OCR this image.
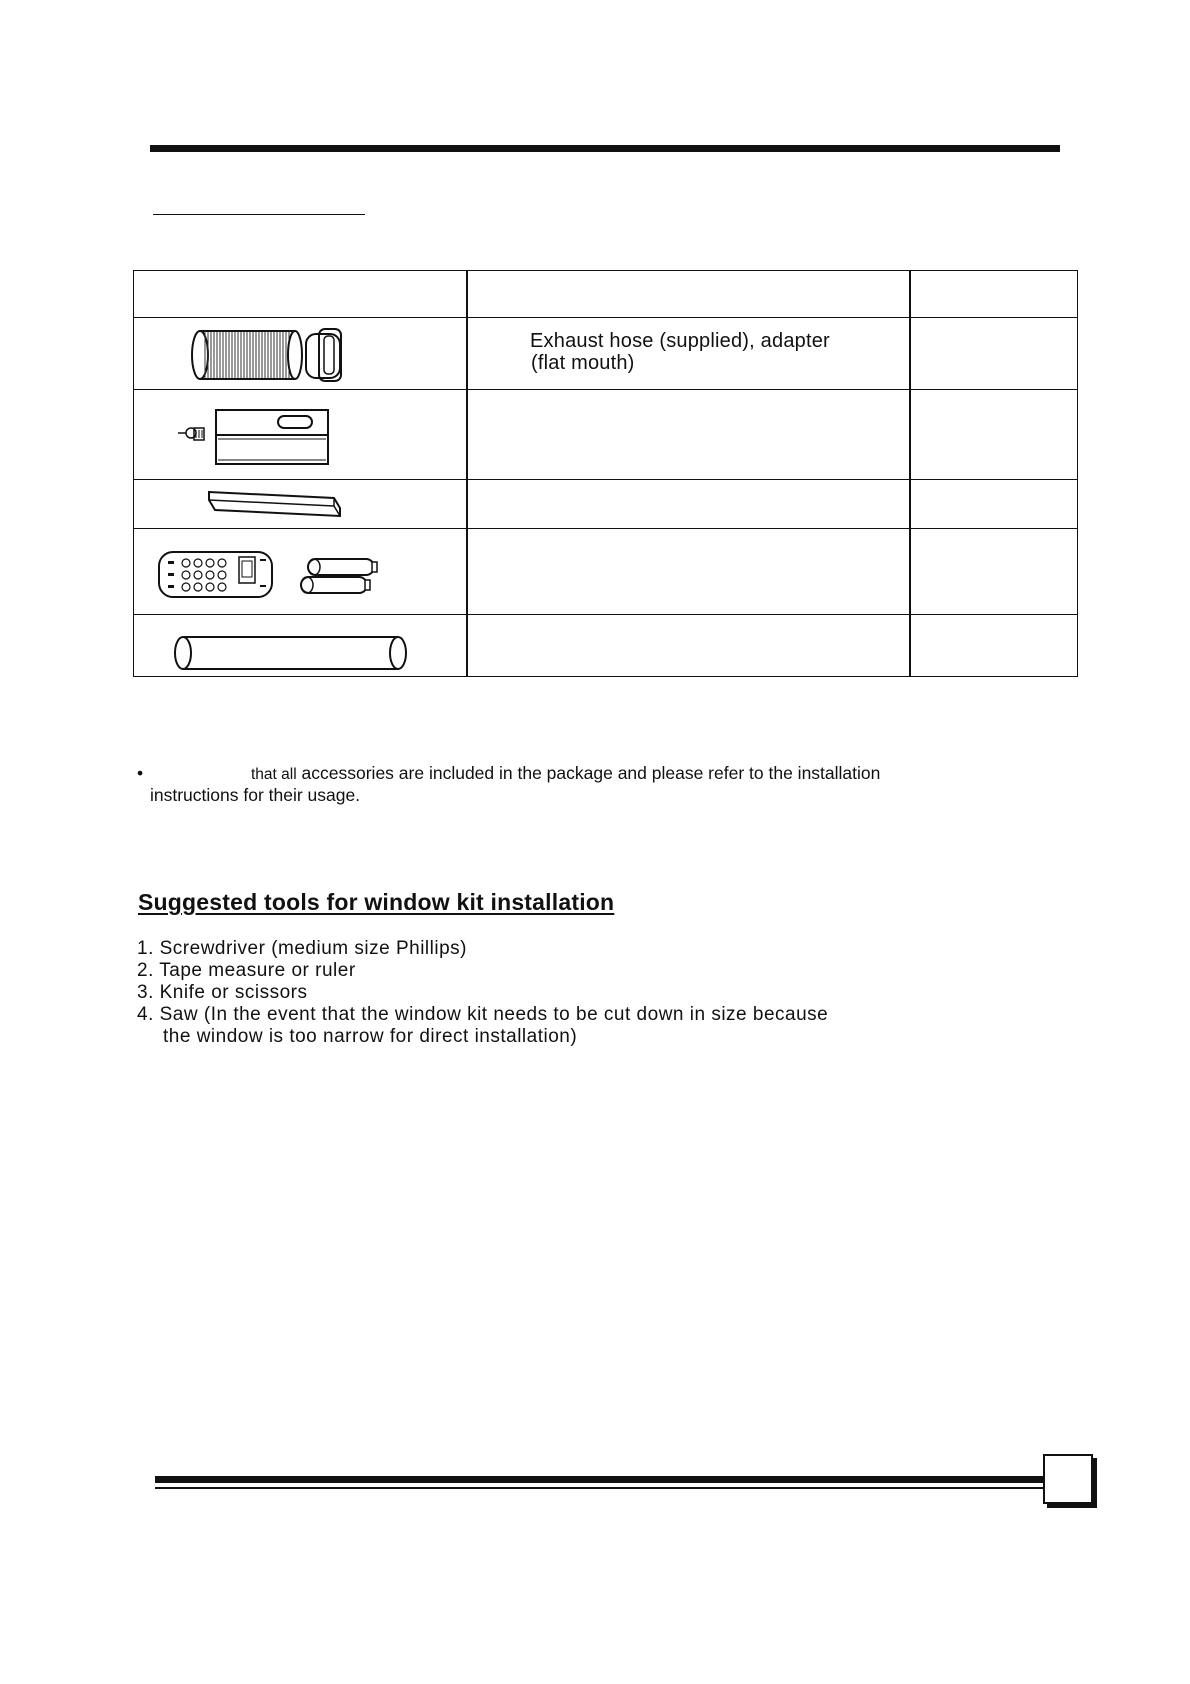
Exhaust hose (supplied), adapter
(flat mouth)
•	that all accessories are included in the package and please refer to the installation
instructions for their usage.
Suggested tools for window kit installation
1. Screwdriver (medium size Phillips)
2. Tape measure or ruler
3. Knife or scissors
4. Saw (In the event that the window kit needs to be cut down in size because
the window is too narrow for direct installation)
